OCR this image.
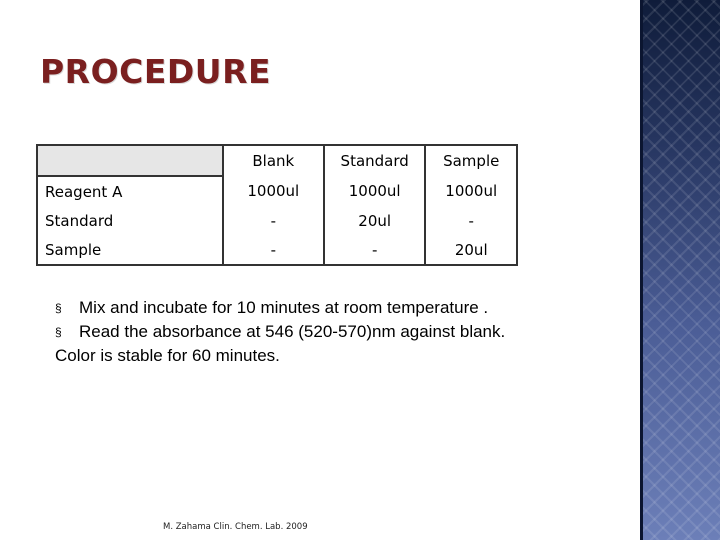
PROCEDURE
	Blank	Standard	Sample
Reagent A	1000ul	1000ul	1000ul
Standard	-	20ul	-
Sample	-	-	20ul
§ Mix and incubate for 10 minutes at room temperature .
§ Read the absorbance at 546 (520-570)nm against blank.
Color is stable for 60 minutes.
M. Zahama Clin. Chem. Lab. 2009
